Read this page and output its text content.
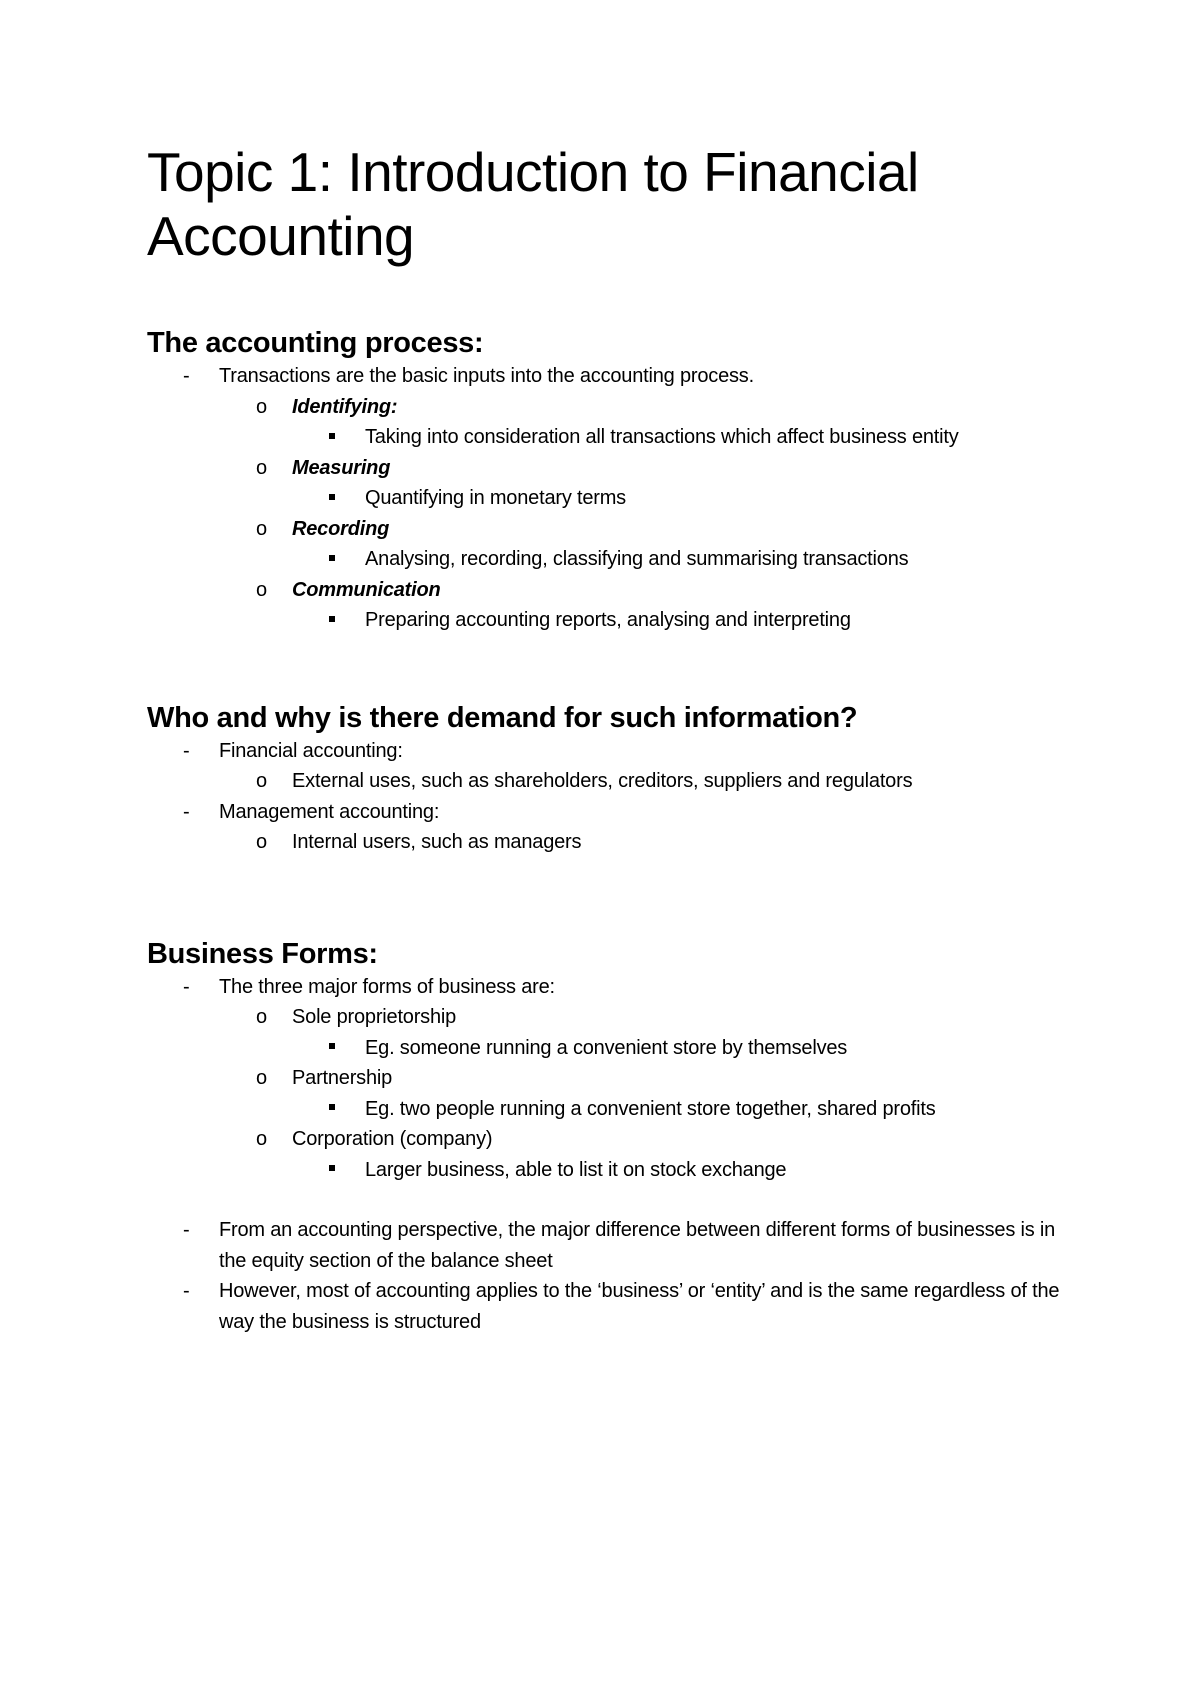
Topic 1: Introduction to Financial Accounting
The accounting process:
- Transactions are the basic inputs into the accounting process.
o Identifying:
Taking into consideration all transactions which affect business entity
o Measuring
Quantifying in monetary terms
o Recording
Analysing, recording, classifying and summarising transactions
o Communication
Preparing accounting reports, analysing and interpreting
Who and why is there demand for such information?
- Financial accounting:
o External uses, such as shareholders, creditors, suppliers and regulators
- Management accounting:
o Internal users, such as managers
Business Forms:
- The three major forms of business are:
o Sole proprietorship
Eg. someone running a convenient store by themselves
o Partnership
Eg. two people running a convenient store together, shared profits
o Corporation (company)
Larger business, able to list it on stock exchange
- From an accounting perspective, the major difference between different forms of businesses is in the equity section of the balance sheet
- However, most of accounting applies to the ‘business’ or ‘entity’ and is the same regardless of the way the business is structured
